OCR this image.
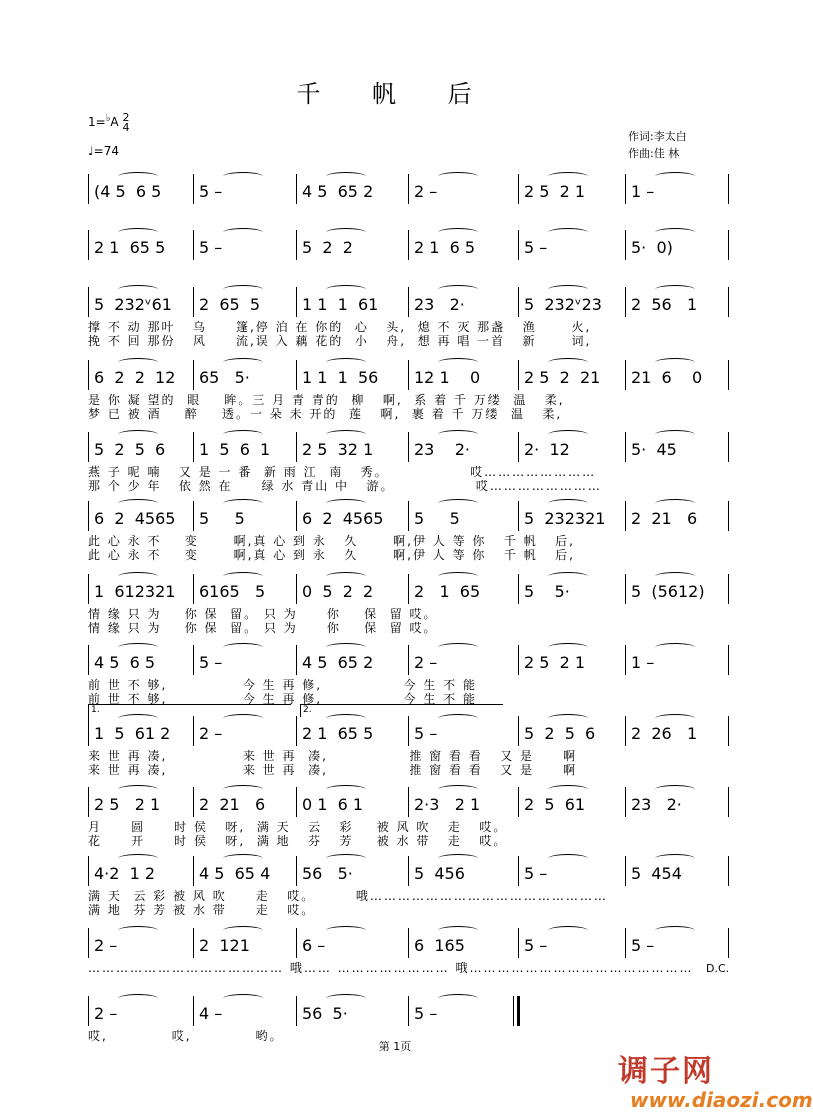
千 帆 后
1=♭A 2
4
♩=74
作词:李太白
作曲:佳 林
(4 5  6 5 5 –	4 5  65 2	2 –	2 5  2 1	1 –
2 1  65 5 5 –	5  2  2	2 1  6 5	5 –	5·  0)
5  232ᵛ61 2  65  5	1 1  1  61 23   2·	5  232ᵛ23 2  56   1
撑 不 动 那叶   乌     篷,停 泊 在 你的  心   头,  熄 不 灭 那盏   渔      火,
挽 不 回 那份   风     流,误 入 藕 花的  小   舟,  想 再 唱 一首   新      词,
6  2  2  12 65   5·	1 1  1  56 12 1    0	2 5  2  21 21  6    0
是 你 凝 望的  眼    眸。三 月 青 青的  柳   啊,  系 着 千 万缕  温   柔,
梦 已 被 酒    醉    透。一 朵 未 开的  莲   啊,  裹 着 千 万缕  温   柔,
5  2  5  6 1  5  6  1 2 5  32 1	23    2·	2·  12	5·  45
燕 子 呢 喃   又 是 一 番  新 雨 江  南   秀。              哎……………………
那 个 少 年   依 然 在     绿 水 青山 中   游。              哎……………………
6  2  4565 5     5	6  2  4565 5     5	5  232321 2  21   6
此 心 永 不    变      啊,真 心 到 永   久      啊,伊 人 等 你   千 帆   后,
此 心 永 不    变      啊,真 心 到 永   久      啊,伊 人 等 你   千 帆   后,
1  612321 6165   5 0  5  2  2	2   1  65	5    5·	5  (5612)
情 缘 只 为    你 保  留。 只 为     你    保  留 哎。
情 缘 只 为    你 保  留。 只 为     你    保  留 哎。
4 5  6 5	5 –	4 5  65 2	2 –	2 5  2 1	1 –
前 世 不 够,             今 生 再 修,              今 生 不 能
前 世 不 够,             今 生 再 修,              今 生 不 能
1  5  61 2 2 –	2 1  65 5	5 –	5  2  5  6 2  26   1
来 世 再 凑,             来 世 再  凑,              推 窗 看 看   又 是     啊
来 世 再 凑,             来 世 再  凑,              推 窗 看 看   又 是     啊
1.	2.
2 5   2 1 2  21   6 0 1  6 1	2·3   2 1	2  5  61	23   2·
月     圆     时 侯   呀,  满 天   云   彩    被 风 吹   走   哎。
花     开     时 侯   呀,  满 地   芬   芳    被 水 带   走   哎。
4·2  1 2	4 5  65 4 56   5·	5  456	5 –	5  454
满 天  云 彩 被 风 吹     走   哎。       哦……………………………………………
满 地  芬 芳 被 水 带     走   哎。
2 –	2  121	6 –	6  165	5 –	5 –
…………………………………… 哦…… …………………… 哦…………………………………………
2 –	4 –	56  5·	5 –
哎,           哎,           哟。
D.C.
第 1页
调子网
www.diaozi.com
